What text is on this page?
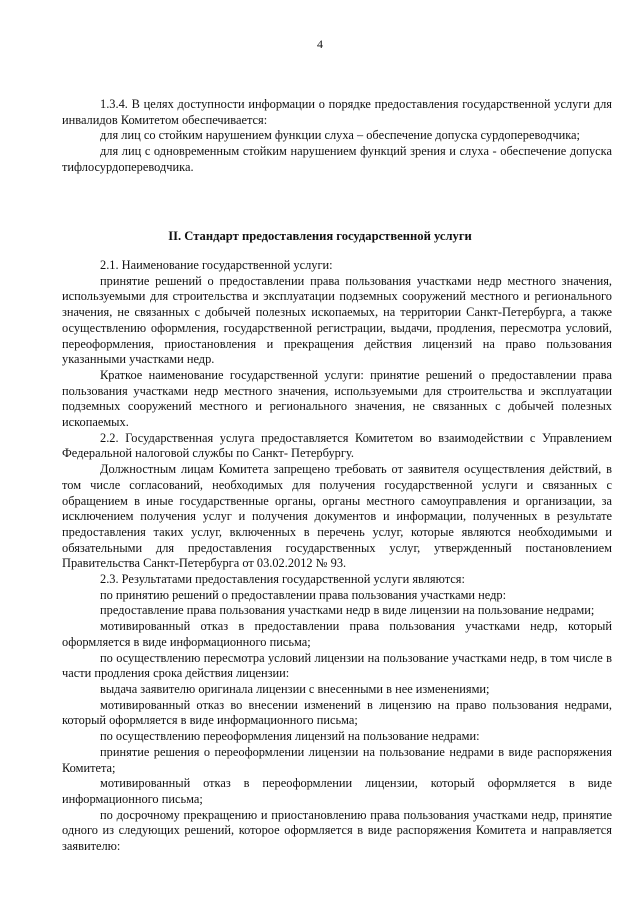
4

1.3.4. В целях доступности информации о порядке предоставления государственной услуги для инвалидов Комитетом обеспечивается:

для лиц со стойким нарушением функции слуха – обеспечение допуска сурдопереводчика;

для лиц с одновременным стойким нарушением функций зрения и слуха - обеспечение допуска тифлосурдопереводчика.

II. Стандарт предоставления государственной услуги

2.1. Наименование государственной услуги:

принятие решений о предоставлении права пользования участками недр местного значения, используемыми для строительства и эксплуатации подземных сооружений местного и регионального значения, не связанных с добычей полезных ископаемых, на территории Санкт-Петербурга, а также осуществлению оформления, государственной регистрации, выдачи, продления, пересмотра условий, переоформления, приостановления и прекращения действия лицензий на право пользования указанными участками недр.

Краткое наименование государственной услуги: принятие решений о предоставлении права пользования участками недр местного значения, используемыми для строительства и эксплуатации подземных сооружений местного и регионального значения, не связанных с добычей полезных ископаемых.

2.2. Государственная услуга предоставляется Комитетом во взаимодействии с Управлением Федеральной налоговой службы по Санкт- Петербургу.

Должностным лицам Комитета запрещено требовать от заявителя осуществления действий, в том числе согласований, необходимых для получения государственной услуги и связанных с обращением в иные государственные органы, органы местного самоуправления и организации, за исключением получения услуг и получения документов и информации, полученных в результате предоставления таких услуг, включенных в перечень услуг, которые являются необходимыми и обязательными для предоставления государственных услуг, утвержденный постановлением Правительства Санкт-Петербурга от 03.02.2012 № 93.

2.3. Результатами предоставления государственной услуги являются:

по принятию решений о предоставлении права пользования участками недр:

предоставление права пользования участками недр в виде лицензии на пользование недрами;

мотивированный отказ в предоставлении права пользования участками недр, который оформляется в виде информационного письма;

по осуществлению пересмотра условий лицензии на пользование участками недр, в том числе в части продления срока действия лицензии:

выдача заявителю оригинала лицензии с внесенными в нее изменениями;

мотивированный отказ во внесении изменений в лицензию на право пользования недрами, который оформляется в виде информационного письма;

по осуществлению переоформления лицензий на пользование недрами:

принятие решения о переоформлении лицензии на пользование недрами в виде распоряжения Комитета;

мотивированный отказ в переоформлении лицензии, который оформляется в виде информационного письма;

по досрочному прекращению и приостановлению права пользования участками недр, принятие одного из следующих решений, которое оформляется в виде распоряжения Комитета и направляется заявителю:
